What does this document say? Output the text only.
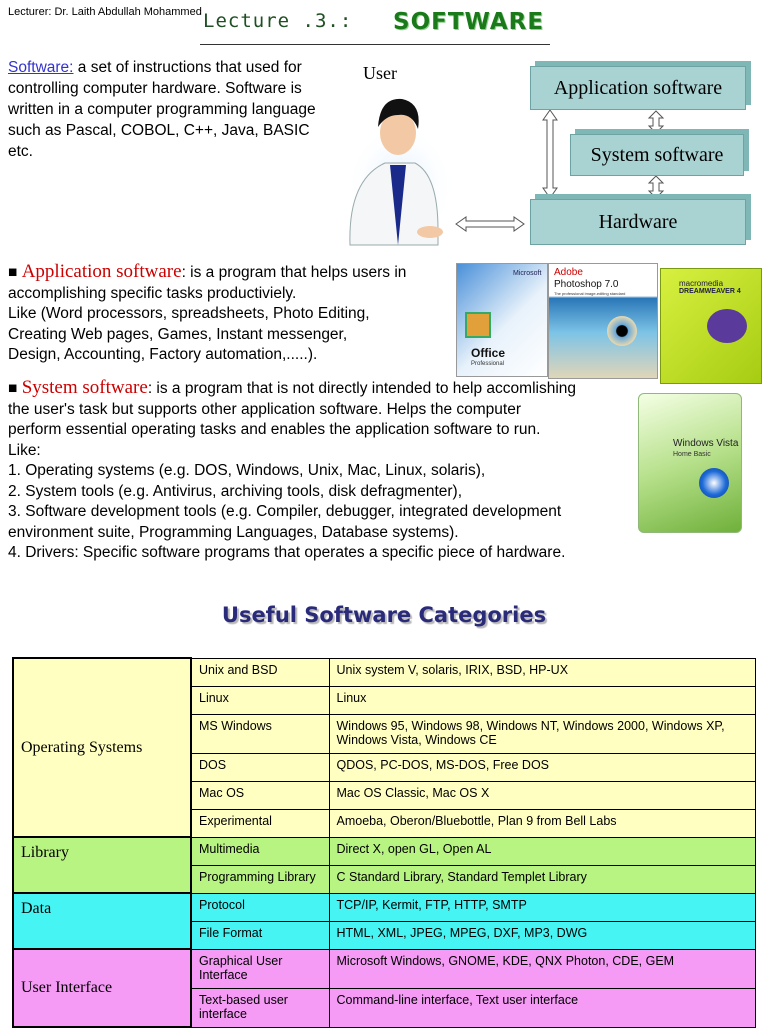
Lecturer: Dr. Laith Abdullah Mohammed Lecture .3.: SOFTWARE
Software: a set of instructions that used for controlling computer hardware. Software is written in a computer programming language such as Pascal, COBOL, C++, Java, BASIC etc.
User
Application software
System software
Hardware
■ Application software: is a program that helps users in
accomplishing specific tasks productiviely.
Like (Word processors, spreadsheets, Photo Editing,
Creating Web pages, Games, Instant messenger,
Design, Accounting, Factory automation,.....).
Microsoft
Office
Professional
Adobe
Photoshop 7.0
The professional image-editing standard
macromedia
DREAMWEAVER 4
■ System software: is a program that is not directly intended to help accomlishing
the user's task but supports other application software. Helps the computer
perform essential operating tasks and enables the application software to run.
Like:
1. Operating systems (e.g. DOS, Windows, Unix, Mac, Linux, solaris),
2. System tools (e.g. Antivirus, archiving tools, disk defragmenter),
3. Software development tools (e.g. Compiler, debugger, integrated development
environment suite, Programming Languages, Database systems).
4. Drivers: Specific software programs that operates a specific piece of hardware.
Windows Vista
Home Basic
Useful Software Categories
Operating Systems	Unix and BSD	Unix system V, solaris, IRIX, BSD, HP-UX
	Linux	Linux
	MS Windows	Windows 95, Windows 98, Windows NT, Windows 2000, Windows XP, Windows Vista, Windows CE
	DOS	QDOS, PC-DOS, MS-DOS, Free DOS
	Mac OS	Mac OS Classic, Mac OS X
	Experimental	Amoeba, Oberon/Bluebottle, Plan 9 from Bell Labs
Library	Multimedia	Direct X, open GL, Open AL
	Programming Library	C Standard Library, Standard Templet Library
Data	Protocol	TCP/IP, Kermit, FTP, HTTP, SMTP
	File Format	HTML, XML, JPEG, MPEG, DXF, MP3, DWG
User Interface	Graphical User Interface	Microsoft Windows, GNOME, KDE, QNX Photon, CDE, GEM
	Text-based user interface	Command-line interface, Text user interface
